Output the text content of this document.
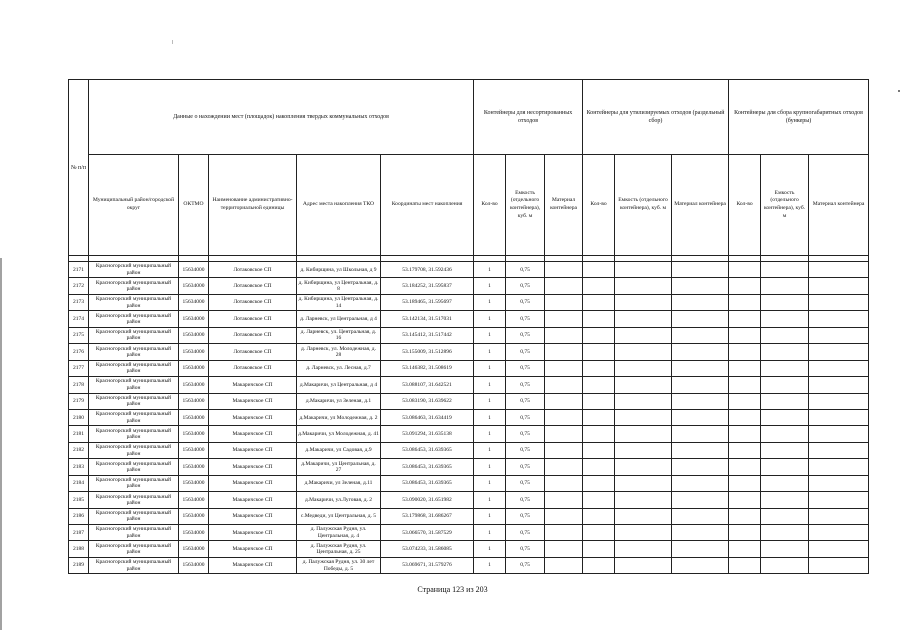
№ п/п	Данные о нахождении мест (площадок) накопления твердых коммунальных отходов					Контейнеры для несортированных отходов			Контейнеры для утилизируемых отходов (раздельный сбор)			Контейнеры для сбора крупногабаритных отходов (бункеры)		
	Муниципальный район/городской округ	ОКТМО	Наименование административно-территориальной единицы	Адрес места накопления ТКО	Координаты мест накопления	Кол-во	Емкость (отдельного контейнера), куб. м	Материал контейнера	Кол-во	Емкость (отдельного контейнера), куб. м	Материал контейнера	Кол-во	Емкость (отдельного контейнера), куб. м	Материал контейнера

2171	Красногорский муниципальный район	15634000	Лотаковское СП	д. Кибирщина, ул Школьная, д 9	53.179708, 31.592436	1	0,75							
2172	Красногорский муниципальный район	15634000	Лотаковское СП	д. Кибирщина, ул Центральная, д. 8	53.184252, 31.595837	1	0,75							
2173	Красногорский муниципальный район	15634000	Лотаковское СП	д. Кибирщина, ул Центральная, д. 14	53.189465, 31.595697	1	0,75							
2174	Красногорский муниципальный район	15634000	Лотаковское СП	д. Ларневск, ул Центральная, д 4	53.142134, 31.517031	1	0,75							
2175	Красногорский муниципальный район	15634000	Лотаковское СП	д. Ларневск, ул. Центральная, д. 16	53.145412, 31.517442	1	0,75							
2176	Красногорский муниципальный район	15634000	Лотаковское СП	д. Ларневск, ул. Молодежная, д. 28	53.155009, 31.512896	1	0,75							
2177	Красногорский муниципальный район	15634000	Лотаковское СП	д. Ларневск, ул. Лесная, д.7	53.146382, 31.508619	1	0,75							
2178	Красногорский муниципальный район	15634000	Макаричское СП	д.Макаричи, ул Центральная, д 4	53.088107, 31.642521	1	0,75							
2179	Красногорский муниципальный район	15634000	Макаричское СП	д.Макаричи, ул Зеленая, д.1	53.083190, 31.639622	1	0,75							
2180	Красногорский муниципальный район	15634000	Макаричское СП	д.Макаричи, ул Молодежная, д. 2	53.086463, 31.634419	1	0,75							
2181	Красногорский муниципальный район	15634000	Макаричское СП	д.Макаричи, ул Молодежная, д. 41	53.091294, 31.635138	1	0,75							
2182	Красногорский муниципальный район	15634000	Макаричское СП	д.Макаричи, ул Садовая, д.9	53.086453, 31.639365	1	0,75							
2183	Красногорский муниципальный район	15634000	Макаричское СП	д.Макаричи, ул Центральная, д. 27	53.086453, 31.639365	1	0,75							
2184	Красногорский муниципальный район	15634000	Макаричское СП	д.Макаричи, ул Зеленая, д.11	53.086453, 31.639365	1	0,75							
2185	Красногорский муниципальный район	15634000	Макаричское СП	д.Макаричи, ул.Луговая, д. 2	53.090020, 31.651982	1	0,75							
2186	Красногорский муниципальный район	15634000	Макаричское СП	с.Медведи, ул Центральная, д. 5	53.179868, 31.686267	1	0,75							
2187	Красногорский муниципальный район	15634000	Макаричское СП	д. Палужская Рудня, ул. Центральная, д. 4	53.066570, 31.587529	1	0,75							
2188	Красногорский муниципальный район	15634000	Макаричское СП	д. Палужская Рудня, ул. Центральная, д. 25	53.074233, 31.586085	1	0,75							
2189	Красногорский муниципальный район	15634000	Макаричское СП	д. Палужская Рудня, ул. 30 лет Победы, д. 5	53.069671, 31.579276	1	0,75							
Страница 123 из 203
